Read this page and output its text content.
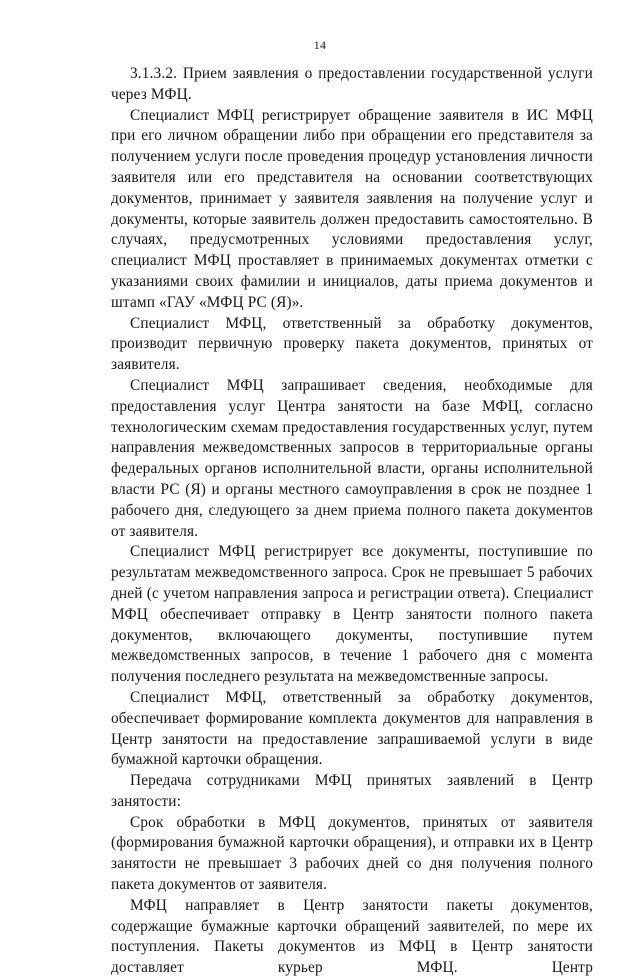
14

3.1.3.2. Прием заявления о предоставлении государственной услуги через МФЦ.

Специалист МФЦ регистрирует обращение заявителя в ИС МФЦ при его личном обращении либо при обращении его представителя за получением услуги после проведения процедур установления личности заявителя или его представителя на основании соответствующих документов, принимает у заявителя заявления на получение услуг и документы, которые заявитель должен предоставить самостоятельно. В случаях, предусмотренных условиями предоставления услуг, специалист МФЦ проставляет в принимаемых документах отметки с указаниями своих фамилии и инициалов, даты приема документов и штамп «ГАУ «МФЦ РС (Я)».

Специалист МФЦ, ответственный за обработку документов, производит первичную проверку пакета документов, принятых от заявителя.

Специалист МФЦ запрашивает сведения, необходимые для предоставления услуг Центра занятости на базе МФЦ, согласно технологическим схемам предоставления государственных услуг, путем направления межведомственных запросов в территориальные органы федеральных органов исполнительной власти, органы исполнительной власти РС (Я) и органы местного самоуправления в срок не позднее 1 рабочего дня, следующего за днем приема полного пакета документов от заявителя.

Специалист МФЦ регистрирует все документы, поступившие по результатам межведомственного запроса. Срок не превышает 5 рабочих дней (с учетом направления запроса и регистрации ответа). Специалист МФЦ обеспечивает отправку в Центр занятости полного пакета документов, включающего документы, поступившие путем межведомственных запросов, в течение 1 рабочего дня с момента получения последнего результата на межведомственные запросы.

Специалист МФЦ, ответственный за обработку документов, обеспечивает формирование комплекта документов для направления в Центр занятости на предоставление запрашиваемой услуги в виде бумажной карточки обращения.

Передача сотрудниками МФЦ принятых заявлений в Центр занятости:

Срок обработки в МФЦ документов, принятых от заявителя (формирования бумажной карточки обращения), и отправки их в Центр занятости не превышает 3 рабочих дней со дня получения полного пакета документов от заявителя.

МФЦ направляет в Центр занятости пакеты документов, содержащие бумажные карточки обращений заявителей, по мере их поступления. Пакеты документов из МФЦ в Центр занятости доставляет курьер МФЦ. Центр
